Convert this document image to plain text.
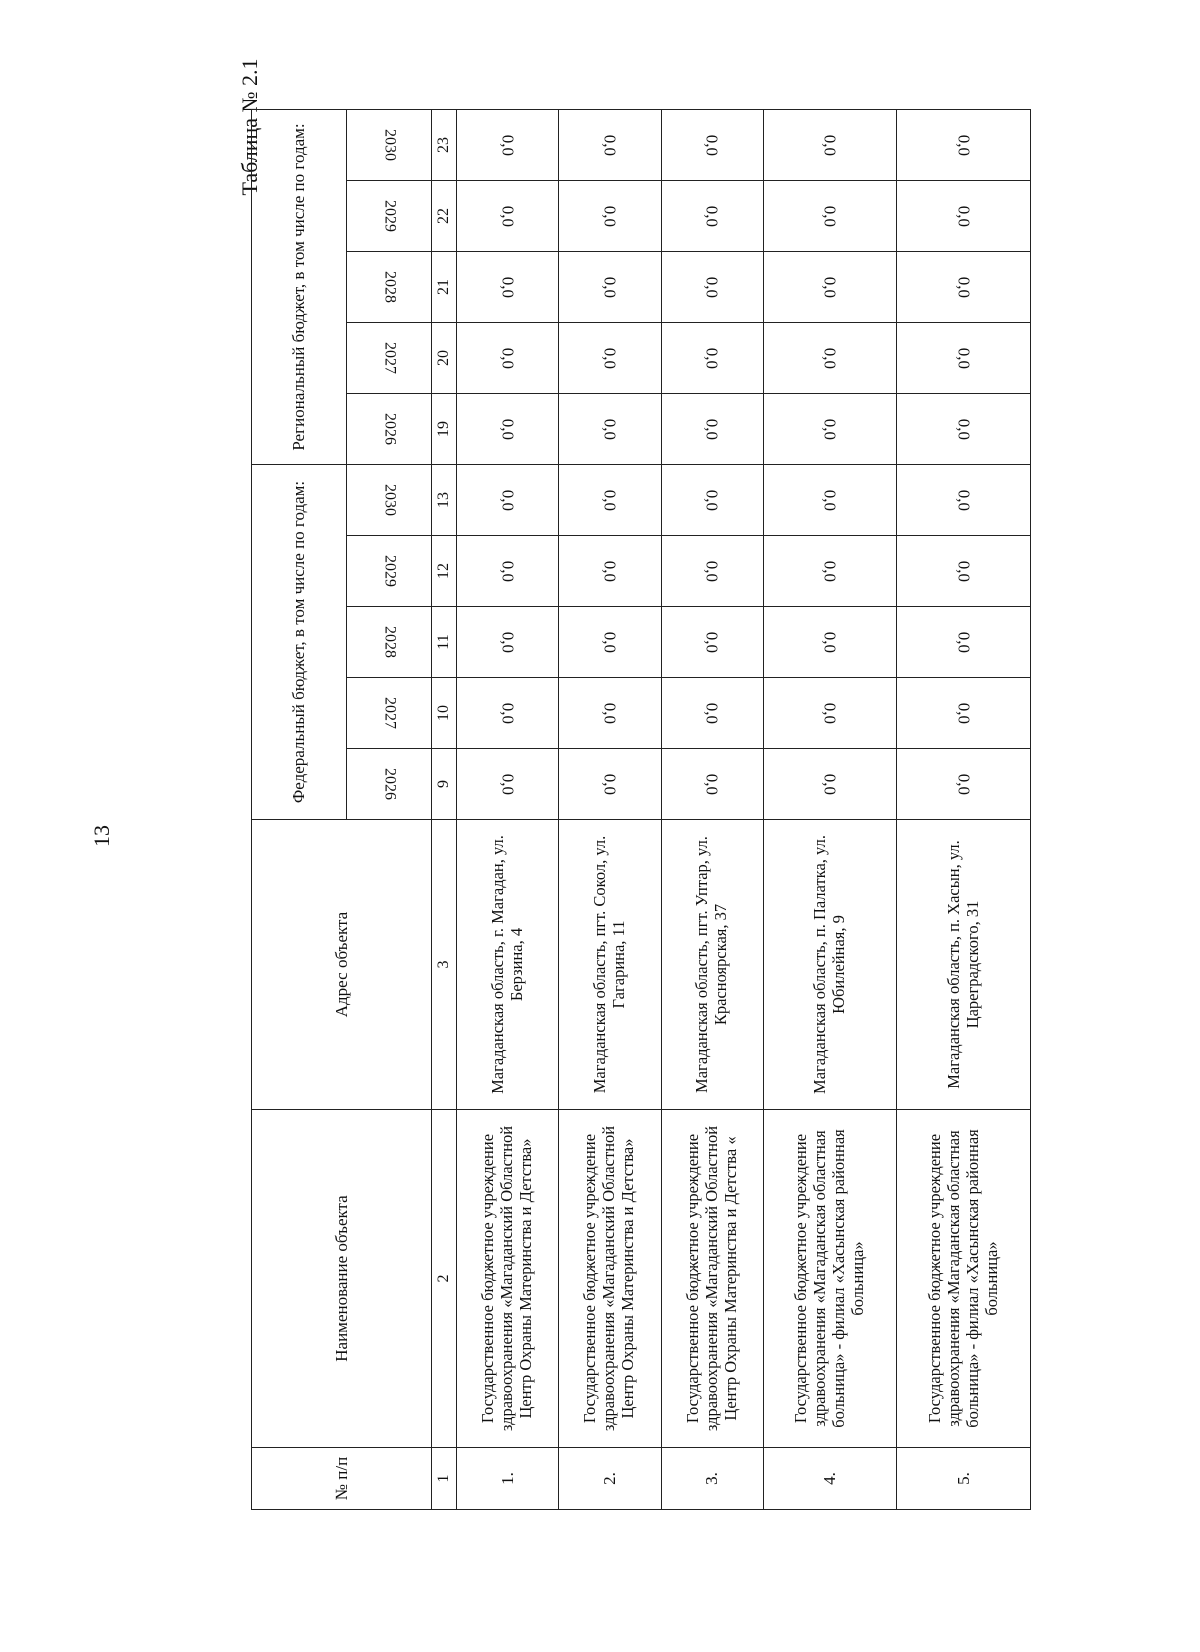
13
Таблица № 2.1
№ п/п	Наименование объекта	Адрес объекта	Федеральный бюджет, в том числе по годам:					Региональный бюджет, в том числе по годам:				
			2026	2027	2028	2029	2030	2026	2027	2028	2029	2030
1	2	3	9	10	11	12	13	19	20	21	22	23
1.	Государственное бюджетное учреждение здравоохранения «Магаданский Областной Центр Охраны Материнства и Детства»	Магаданская область, г. Магадан, ул. Берзина, 4	0,0	0,0	0,0	0,0	0,0	0,0	0,0	0,0	0,0	0,0
2.	Государственное бюджетное учреждение здравоохранения «Магаданский Областной Центр Охраны Материнства и Детства»	Магаданская область, пгт. Сокол, ул. Гагарина, 11	0,0	0,0	0,0	0,0	0,0	0,0	0,0	0,0	0,0	0,0
3.	Государственное бюджетное учреждение здравоохранения «Магаданский Областной Центр Охраны Материнства и Детства «	Магаданская область, пгт. Уптар, ул. Красноярская, 37	0,0	0,0	0,0	0,0	0,0	0,0	0,0	0,0	0,0	0,0
4.	Государственное бюджетное учреждение здравоохранения «Магаданская областная больница» - филиал «Хасынская районная больница»	Магаданская область, п. Палатка, ул. Юбилейная, 9	0,0	0,0	0,0	0,0	0,0	0,0	0,0	0,0	0,0	0,0
5.	Государственное бюджетное учреждение здравоохранения «Магаданская областная больница» - филиал «Хасынская районная больница»	Магаданская область, п. Хасын, ул. Цареградского, 31	0,0	0,0	0,0	0,0	0,0	0,0	0,0	0,0	0,0	0,0
